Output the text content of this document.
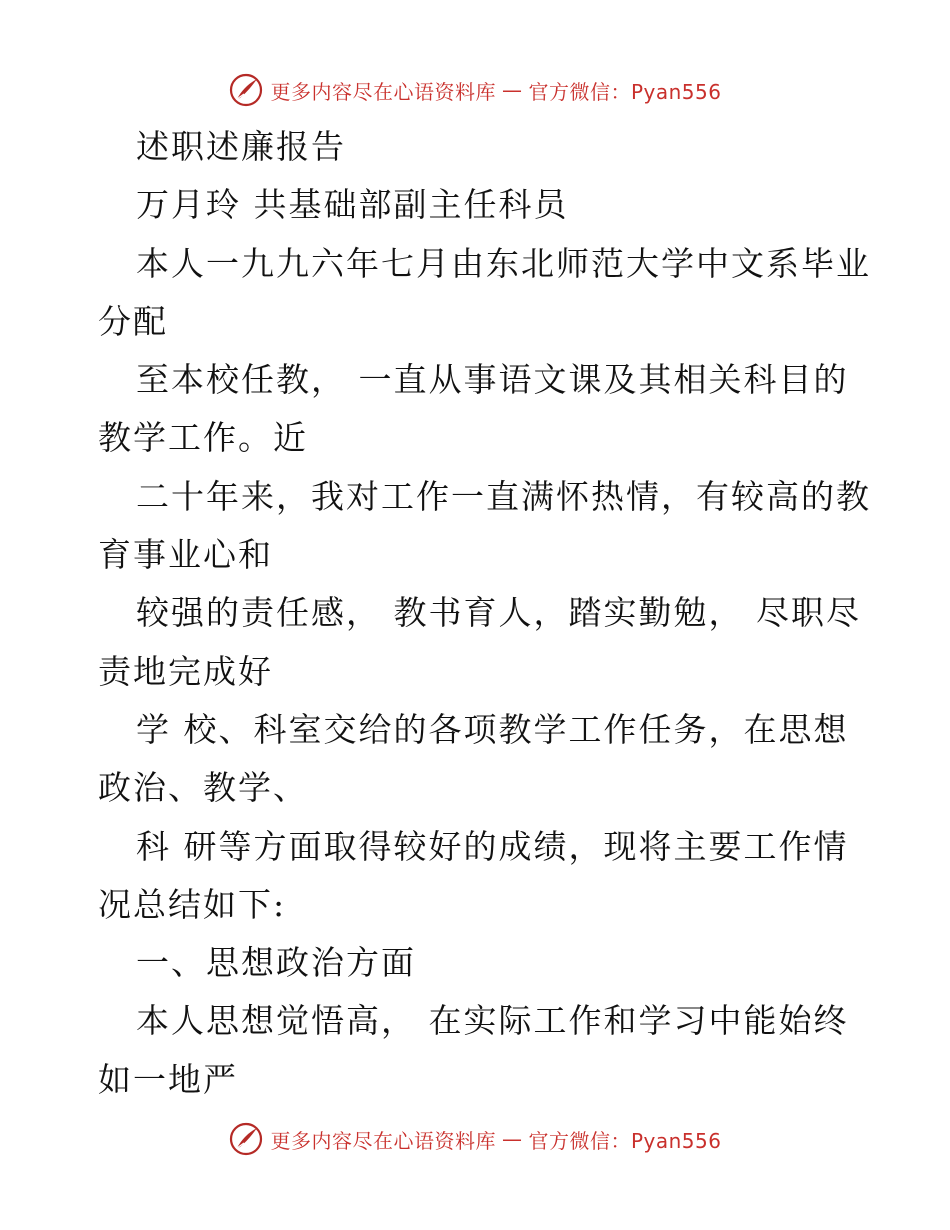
更多内容尽在心语资料库 — 官方微信：Pyan556
述职述廉报告
万月玲 共基础部副主任科员
本人一九九六年七月由东北师范大学中文系毕业
分配
至本校任教， 一直从事语文课及其相关科目的
教学工作。近
二十年来，我对工作一直满怀热情，有较高的教
育事业心和
较强的责任感， 教书育人，踏实勤勉， 尽职尽
责地完成好
学 校、科室交给的各项教学工作任务，在思想
政治、教学、
科 研等方面取得较好的成绩，现将主要工作情
况总结如下:
一、思想政治方面
本人思想觉悟高， 在实际工作和学习中能始终
如一地严
更多内容尽在心语资料库 — 官方微信：Pyan556
